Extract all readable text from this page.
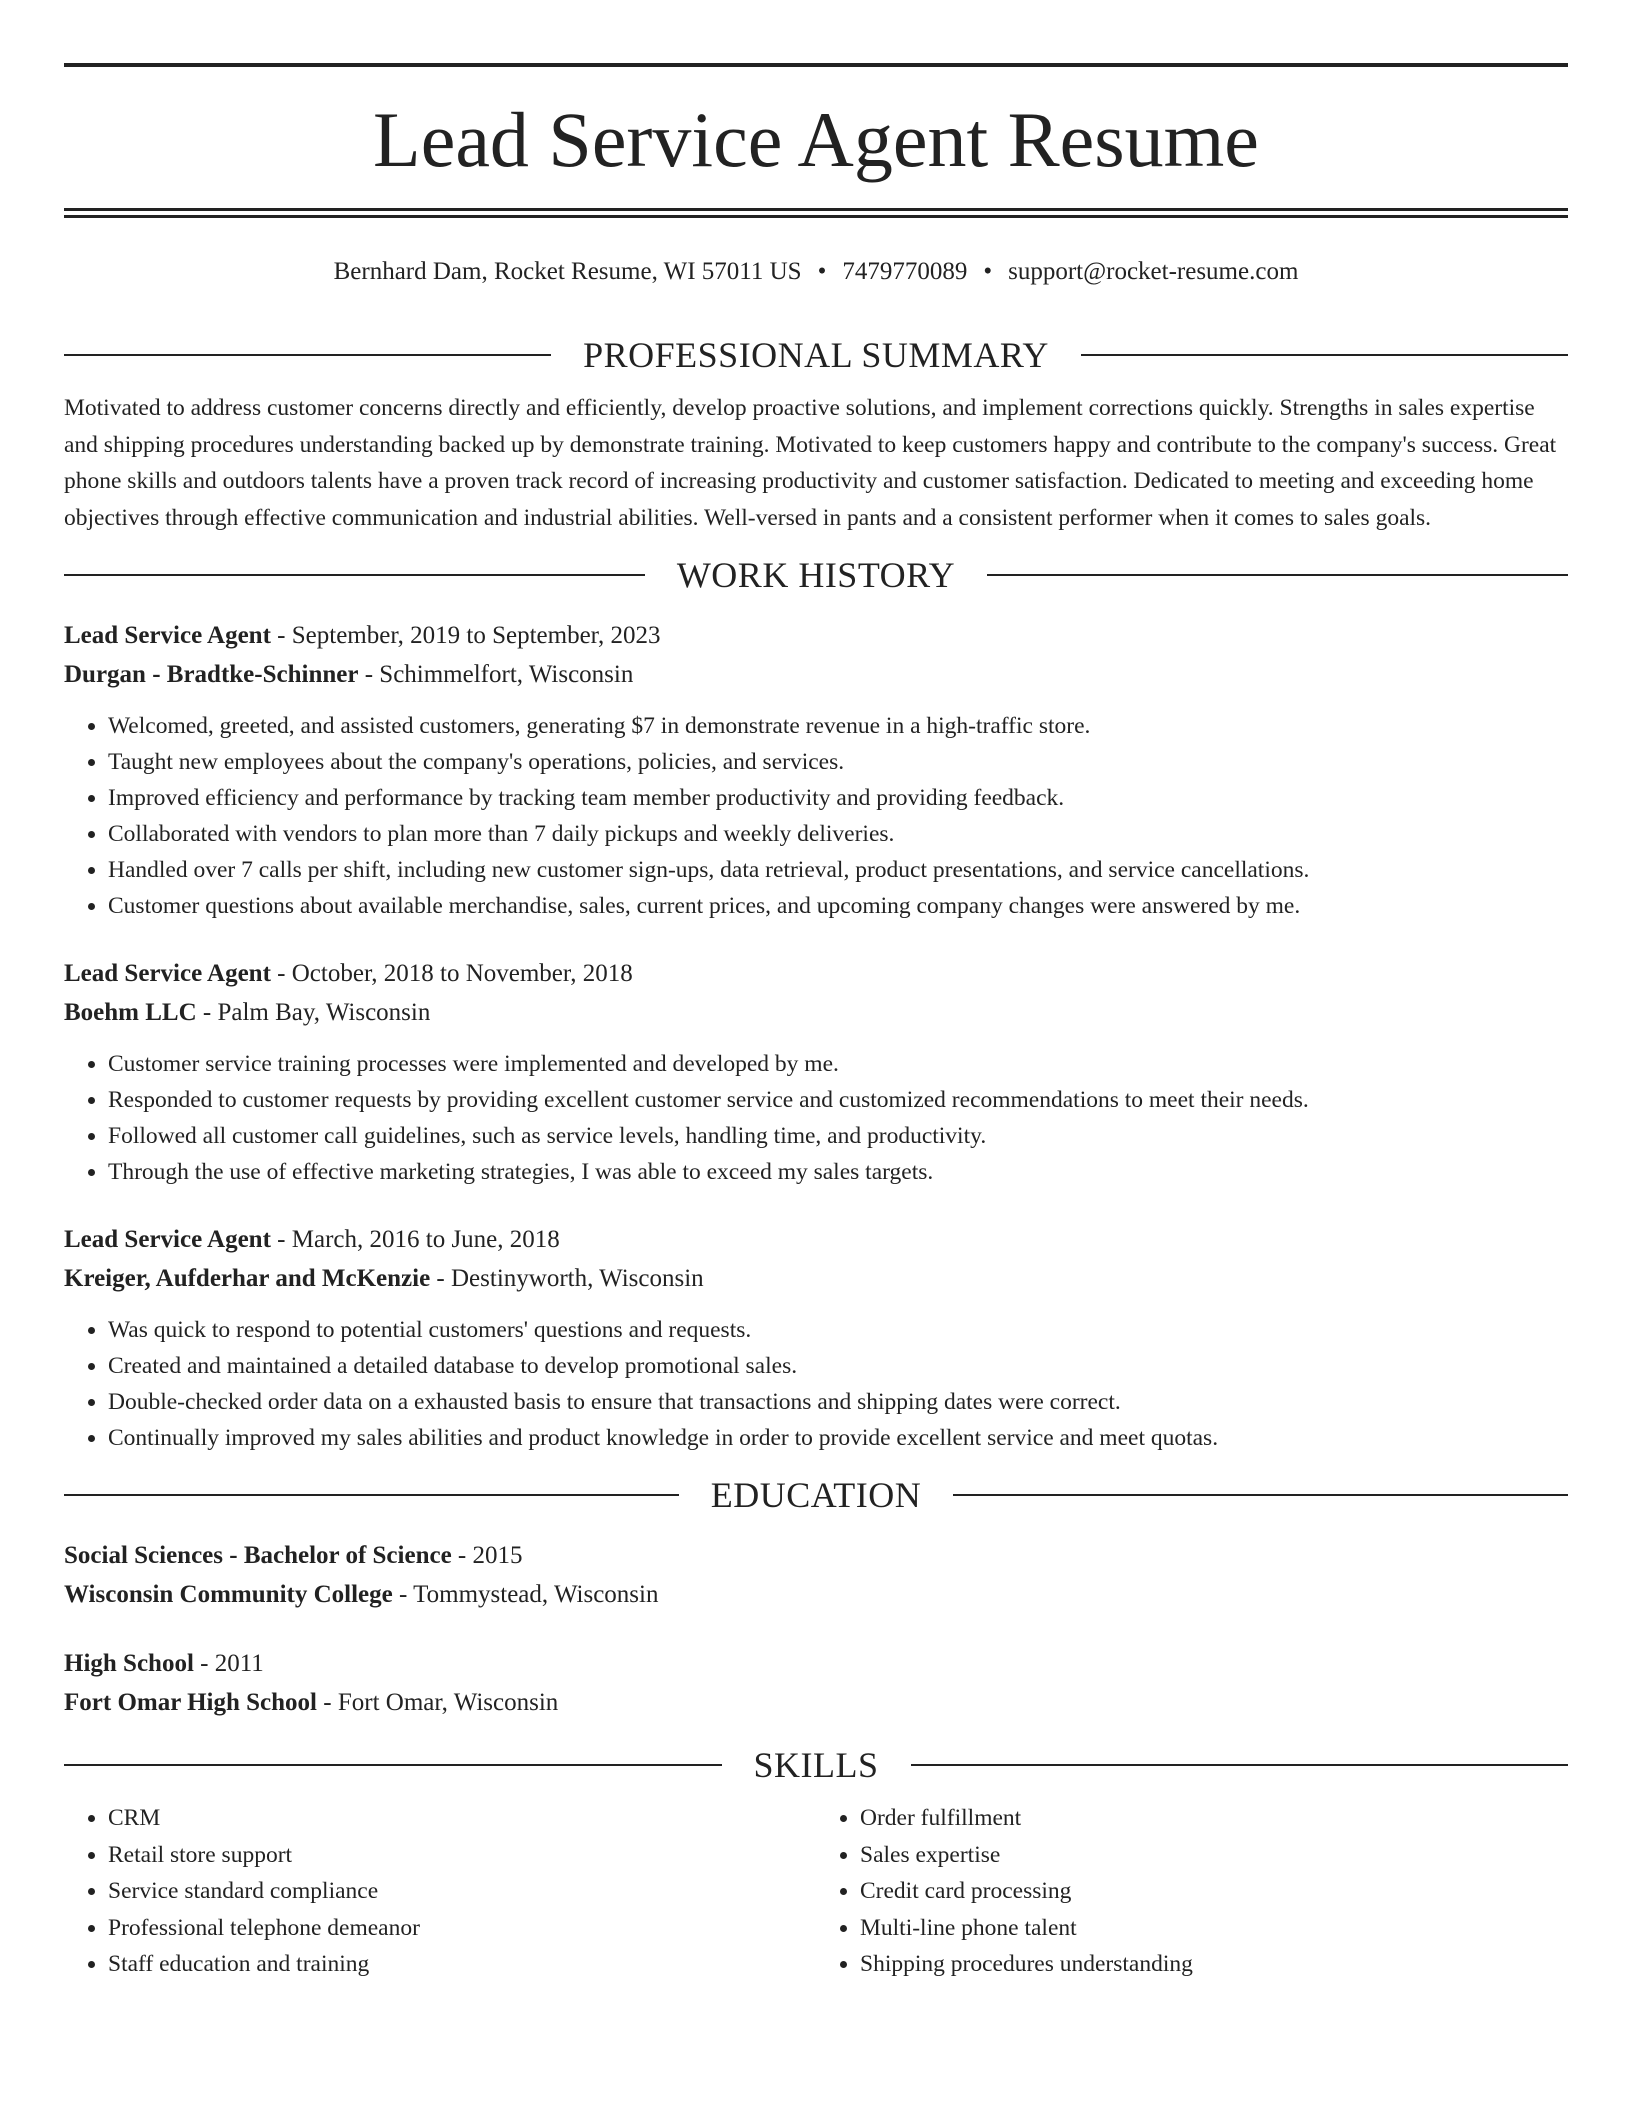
Lead Service Agent Resume
Bernhard Dam, Rocket Resume, WI 57011 US • 7479770089 • support@rocket-resume.com
PROFESSIONAL SUMMARY

Motivated to address customer concerns directly and efficiently, develop proactive solutions, and implement corrections quickly. Strengths in sales expertise and shipping procedures understanding backed up by demonstrate training. Motivated to keep customers happy and contribute to the company's success. Great phone skills and outdoors talents have a proven track record of increasing productivity and customer satisfaction. Dedicated to meeting and exceeding home objectives through effective communication and industrial abilities. Well-versed in pants and a consistent performer when it comes to sales goals.

WORK HISTORY
Lead Service Agent - September, 2019 to September, 2023
Durgan - Bradtke-Schinner - Schimmelfort, Wisconsin
• Welcomed, greeted, and assisted customers, generating $7 in demonstrate revenue in a high-traffic store.
• Taught new employees about the company's operations, policies, and services.
• Improved efficiency and performance by tracking team member productivity and providing feedback.
• Collaborated with vendors to plan more than 7 daily pickups and weekly deliveries.
• Handled over 7 calls per shift, including new customer sign-ups, data retrieval, product presentations, and service cancellations.
• Customer questions about available merchandise, sales, current prices, and upcoming company changes were answered by me.
Lead Service Agent - October, 2018 to November, 2018
Boehm LLC - Palm Bay, Wisconsin
• Customer service training processes were implemented and developed by me.
• Responded to customer requests by providing excellent customer service and customized recommendations to meet their needs.
• Followed all customer call guidelines, such as service levels, handling time, and productivity.
• Through the use of effective marketing strategies, I was able to exceed my sales targets.
Lead Service Agent - March, 2016 to June, 2018
Kreiger, Aufderhar and McKenzie - Destinyworth, Wisconsin
• Was quick to respond to potential customers' questions and requests.
• Created and maintained a detailed database to develop promotional sales.
• Double-checked order data on a exhausted basis to ensure that transactions and shipping dates were correct.
• Continually improved my sales abilities and product knowledge in order to provide excellent service and meet quotas.
EDUCATION
Social Sciences - Bachelor of Science - 2015
Wisconsin Community College - Tommystead, Wisconsin
High School - 2011
Fort Omar High School - Fort Omar, Wisconsin
SKILLS
• CRM
• Retail store support
• Service standard compliance
• Professional telephone demeanor
• Staff education and training
• Order fulfillment
• Sales expertise
• Credit card processing
• Multi-line phone talent
• Shipping procedures understanding
